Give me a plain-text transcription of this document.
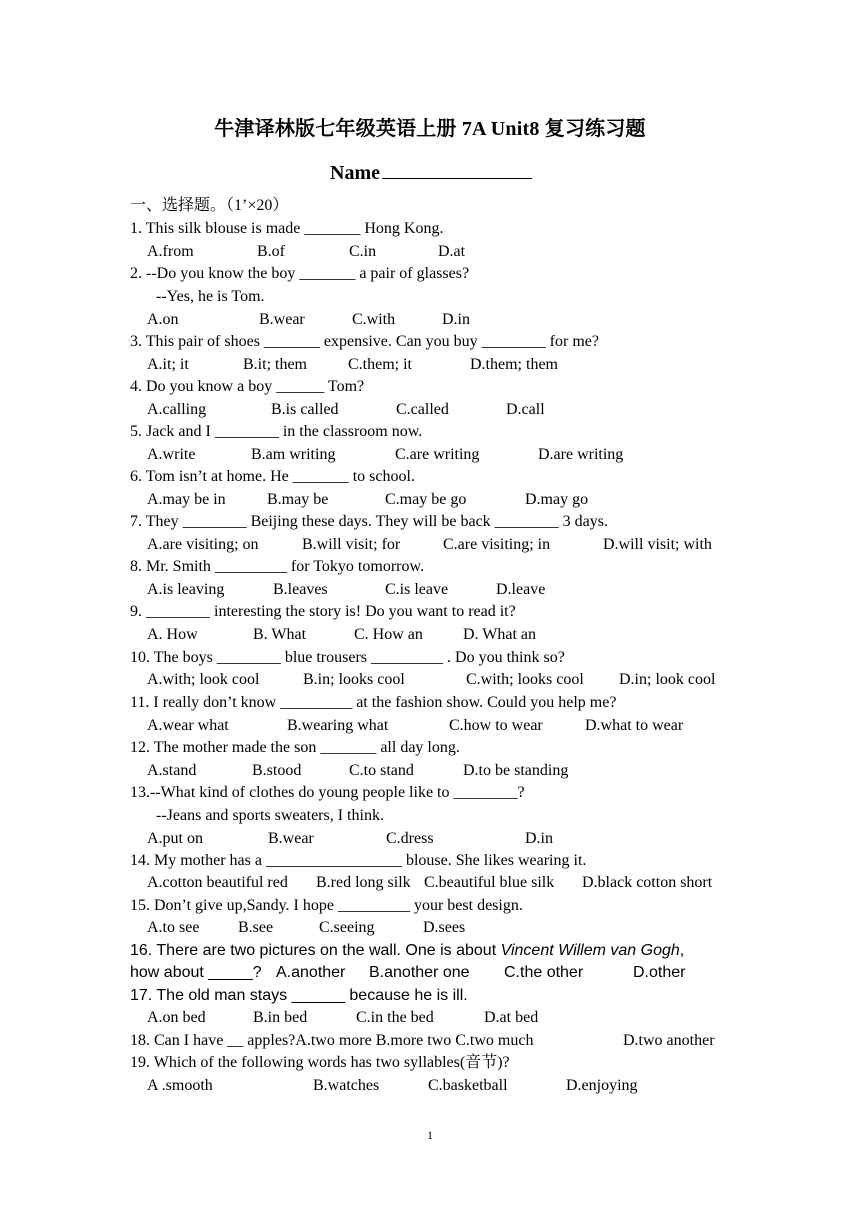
牛津译林版七年级英语上册 7A Unit8 复习练习题
Name
一、选择题。（1’×20）
1. This silk blouse is made _______ Hong Kong.
A.from	B.of	C.in	D.at
2. --Do you know the boy _______ a pair of glasses?
--Yes, he is Tom.
A.on	B.wear	C.with	D.in
3. This pair of shoes _______ expensive. Can you buy ________ for me?
A.it; it	B.it; them	C.them; it	D.them; them
4. Do you know a boy ______ Tom?
A.calling	B.is called	C.called	D.call
5. Jack and I ________ in the classroom now.
A.write	B.am writing	C.are writing	D.are writing
6. Tom isn’t at home. He _______ to school.
A.may be in	B.may be	C.may be go	D.may go
7. They ________ Beijing these days. They will be back ________ 3 days.
A.are visiting; on	B.will visit; for	C.are visiting; in	D.will visit; with
8. Mr. Smith _________ for Tokyo tomorrow.
A.is leaving	B.leaves	C.is leave	D.leave
9. ________ interesting the story is! Do you want to read it?
A. How	B. What	C. How an	D. What an
10. The boys ________ blue trousers _________ . Do you think so?
A.with; look cool	B.in; looks cool	C.with; looks cool D.in; look cool
11. I really don’t know _________ at the fashion show. Could you help me?
A.wear what	B.wearing what	C.how to wear	D.what to wear
12. The mother made the son _______ all day long.
A.stand	B.stood	C.to stand	D.to be standing
13.--What kind of clothes do young people like to ________?
--Jeans and sports sweaters, I think.
A.put on	B.wear	C.dress	D.in
14. My mother has a _________________ blouse. She likes wearing it.
A.cotton beautiful red B.red long silk C.beautiful blue silk D.black cotton short
15. Don’t give up,Sandy. I hope _________ your best design.
A.to see B.see	C.seeing	D.sees
16. There are two pictures on the wall. One is about Vincent Willem van Gogh,
how about _____? A.another B.another one C.the other	D.other
17. The old man stays ______ because he is ill.
A.on bed	B.in bed	C.in the bed	D.at bed
18. Can I have __ apples?A.two more B.more two C.two much	D.two another
19. Which of the following words has two syllables(音节)?
A .smooth	B.watches	C.basketball	D.enjoying
1
